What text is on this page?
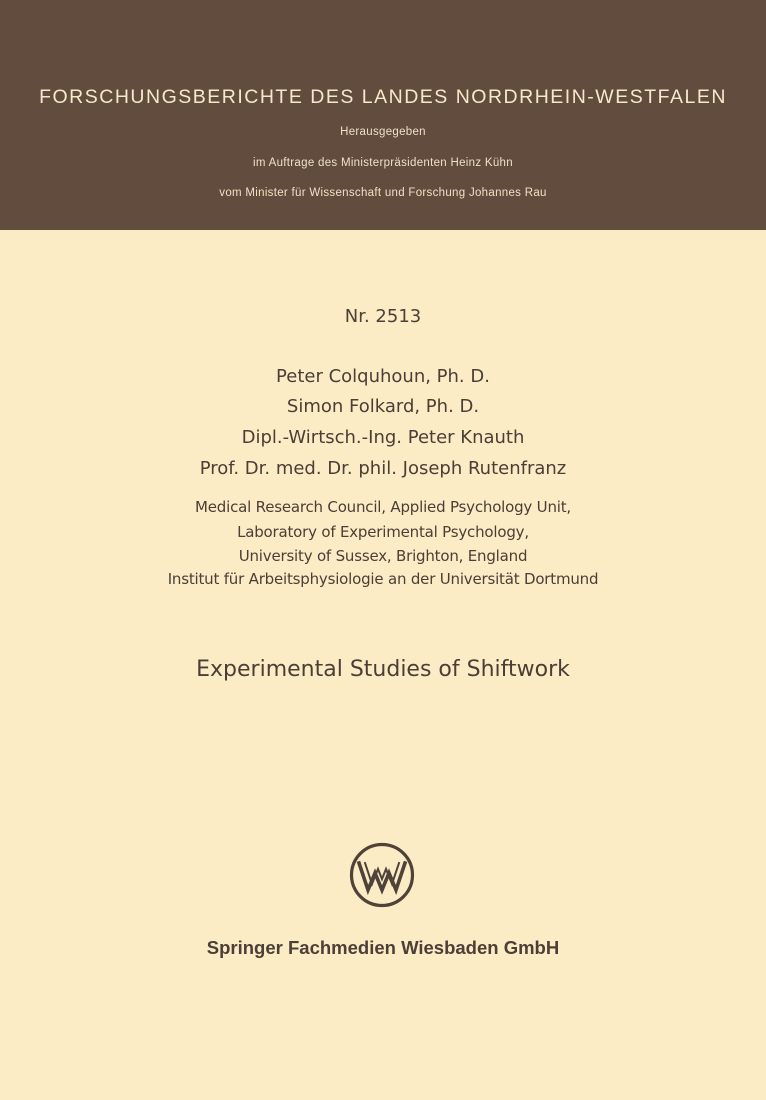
FORSCHUNGSBERICHTE DES LANDES NORDRHEIN-WESTFALEN
Herausgegeben
im Auftrage des Ministerpräsidenten Heinz Kühn
vom Minister für Wissenschaft und Forschung Johannes Rau
Nr. 2513
Peter Colquhoun, Ph. D.
Simon Folkard, Ph. D.
Dipl.-Wirtsch.-Ing. Peter Knauth
Prof. Dr. med. Dr. phil. Joseph Rutenfranz
Medical Research Council, Applied Psychology Unit,
Laboratory of Experimental Psychology,
University of Sussex, Brighton, England
Institut für Arbeitsphysiologie an der Universität Dortmund
Experimental Studies of Shiftwork
Springer Fachmedien Wiesbaden GmbH
